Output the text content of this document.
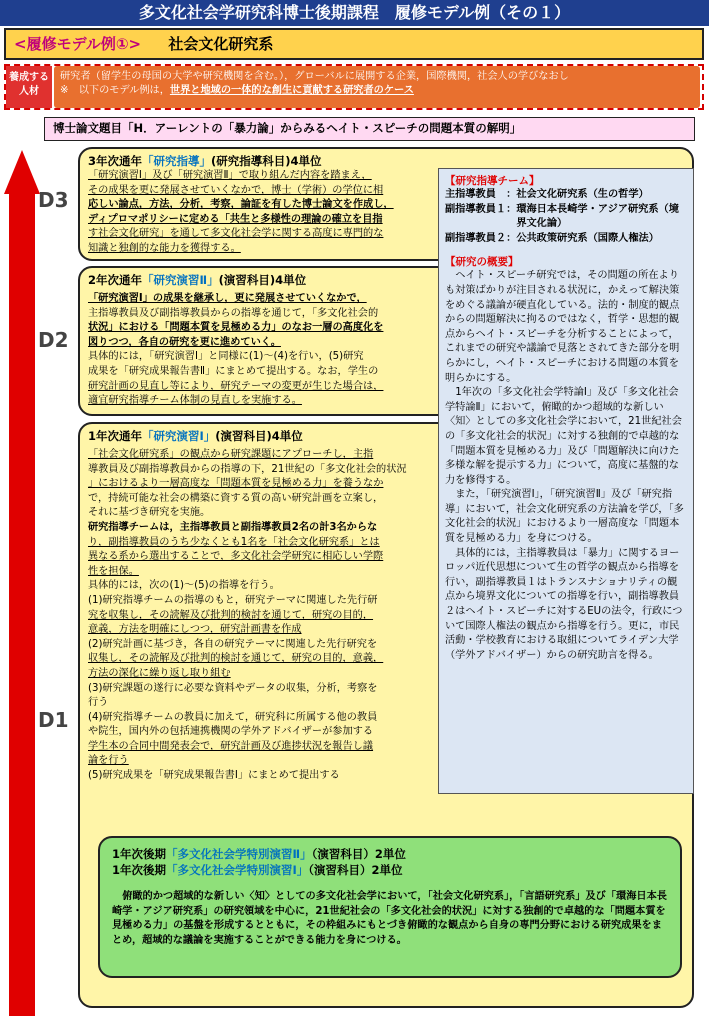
多文化社会学研究科博士後期課程　履修モデル例（その１）
<履修モデル例①> 社会文化研究系
養成する
人材
研究者（留学生の母国の大学や研究機関を含む。），グローバルに展開する企業，国際機関，社会人の学びなおし
※　以下のモデル例は，世界と地域の一体的な創生に貢献する研究者のケース
博士論文題目「H．アーレントの「暴力論」からみるヘイト・スピーチの問題本質の解明」
D3
D2
D1
3年次通年「研究指導」(研究指導科目)4単位
「研究演習Ⅰ」及び「研究演習Ⅱ」で取り組んだ内容を踏まえ，
その成果を更に発展させていくなかで，博士（学術）の学位に相
応しい論点，方法，分析，考察，論証を有した博士論文を作成し，
ディプロマポリシーに定める「共生と多様性の理論の確立を目指
す社会文化研究」を通して多文化社会学に関する高度に専門的な
知識と独創的な能力を獲得する。
2年次通年「研究演習Ⅱ」(演習科目)4単位
「研究演習Ⅰ」の成果を継承し，更に発展させていくなかで，
主指導教員及び副指導教員からの指導を通じて，「多文化社会的
状況」における「問題本質を見極める力」のなお一層の高度化を
図りつつ，各自の研究を更に進めていく。
具体的には，「研究演習Ⅰ」と同様に(1)〜(4)を行い，(5)研究
成果を「研究成果報告書Ⅱ」にまとめて提出する。なお，学生の
研究計画の見直し等により，研究テーマの変更が生じた場合は，
適宜研究指導チーム体制の見直しを実施する。
1年次通年「研究演習Ⅰ」(演習科目)4単位
「社会文化研究系」の観点から研究課題にアプローチし，主指
導教員及び副指導教員からの指導の下，21世紀の「多文化社会的状況
」におけるより一層高度な「問題本質を見極める力」を養うなか
で，持続可能な社会の構築に資する質の高い研究計画を立案し，
それに基づき研究を実施。
研究指導チームは，主指導教員と副指導教員2名の計3名からな
り，副指導教員のうち少なくとも1名を「社会文化研究系」とは
異なる系から選出することで，多文化社会学研究に相応しい学際
性を担保。
具体的には，次の(1)〜(5)の指導を行う。
(1)研究指導チームの指導のもと，研究テーマに関連した先行研
究を収集し，その読解及び批判的検討を通じて，研究の目的，
意義，方法を明確にしつつ，研究計画書を作成
(2)研究計画に基づき，各自の研究テーマに関連した先行研究を
収集し，その読解及び批判的検討を通じて，研究の目的，意義，
方法の深化に繰り返し取り組む
(3)研究課題の遂行に必要な資料やデータの収集，分析，考察を
行う
(4)研究指導チームの教員に加えて，研究科に所属する他の教員
や院生，国内外の包括連携機関の学外アドバイザーが参加する
学生本の合同中間発表会で，研究計画及び進捗状況を報告し議
論を行う
(5)研究成果を「研究成果報告書Ⅰ」にまとめて提出する
【研究指導チーム】
主指導教員　： 社会文化研究系（生の哲学）
副指導教員１： 環海日本長崎学・アジア研究系（境界文化論）
副指導教員２： 公共政策研究系（国際人権法）
【研究の概要】
ヘイト・スピーチ研究では，その問題の所在よりも対策ばかりが注目される状況に，かえって解決策をめぐる議論が硬直化している。法的・制度的観点からの問題解決に拘るのではなく，哲学・思想的観点からヘイト・スピーチを分析することによって，これまでの研究や議論で見落とされてきた部分を明らかにし，ヘイト・スピーチにおける問題の本質を明らかにする。
1年次の「多文化社会学特論Ⅰ」及び「多文化社会学特論Ⅱ」において，俯瞰的かつ超域的な新しい〈知〉としての多文化社会学において，21世紀社会の「多文化社会的状況」に対する独創的で卓越的な「問題本質を見極める力」及び「問題解決に向けた多様な解を提示する力」について，高度に基盤的な力を修得する。
また，「研究演習Ⅰ」，「研究演習Ⅱ」及び「研究指導」において，社会文化研究系の方法論を学び，「多文化社会的状況」におけるより一層高度な「問題本質を見極める力」を身につける。
具体的には，主指導教員は「暴力」に関するヨーロッパ近代思想について生の哲学の観点から指導を行い，副指導教員１はトランスナショナリティの観点から境界文化についての指導を行い，副指導教員２はヘイト・スピーチに対するEUの法令，行政について国際人権法の観点から指導を行う。更に，市民活動・学校教育における取組についてライデン大学（学外アドバイザー）からの研究助言を得る。
1年次後期「多文化社会学特別演習Ⅱ」（演習科目）2単位
1年次後期「多文化社会学特別演習Ⅰ」（演習科目）2単位
俯瞰的かつ超域的な新しい〈知〉としての多文化社会学において，「社会文化研究系」，「言語研究系」及び「環海日本長崎学・アジア研究系」の研究領域を中心に，21世紀社会の「多文化社会的状況」に対する独創的で卓越的な「問題本質を見極める力」の基盤を形成するとともに，その枠組みにもとづき俯瞰的な観点から自身の専門分野における研究成果をまとめ，超域的な議論を実施することができる能力を身につける。
